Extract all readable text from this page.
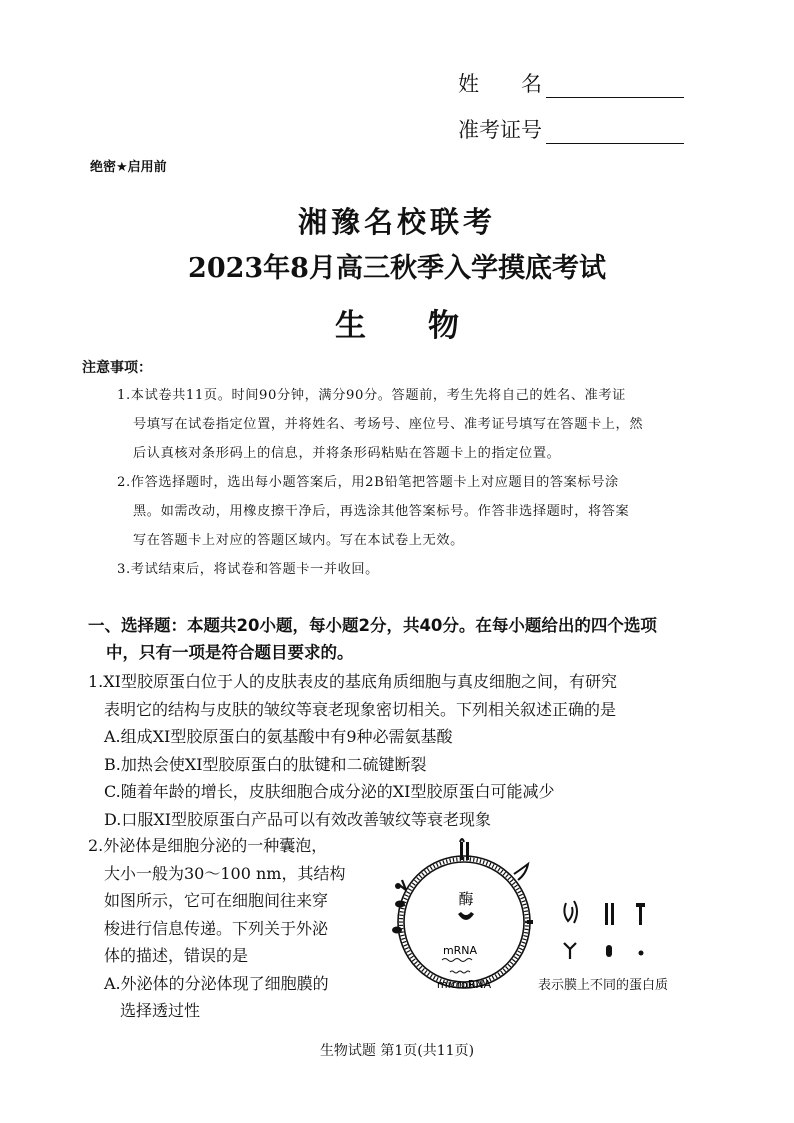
姓　　名
准考证号
绝密★启用前
湘豫名校联考
2023年8月高三秋季入学摸底考试
生　　物
注意事项：

1.本试卷共11页。时间90分钟，满分90分。答题前，考生先将自己的姓名、准考证

号填写在试卷指定位置，并将姓名、考场号、座位号、准考证号填写在答题卡上，然

后认真核对条形码上的信息，并将条形码粘贴在答题卡上的指定位置。

2.作答选择题时，选出每小题答案后，用2B铅笔把答题卡上对应题目的答案标号涂

黑。如需改动，用橡皮擦干净后，再选涂其他答案标号。作答非选择题时，将答案

写在答题卡上对应的答题区域内。写在本试卷上无效。

3.考试结束后，将试卷和答题卡一并收回。

一、选择题：本题共20小题，每小题2分，共40分。在每小题给出的四个选项

中，只有一项是符合题目要求的。

1.XI型胶原蛋白位于人的皮肤表皮的基底角质细胞与真皮细胞之间，有研究

表明它的结构与皮肤的皱纹等衰老现象密切相关。下列相关叙述正确的是

A.组成XI型胶原蛋白的氨基酸中有9种必需氨基酸

B.加热会使XI型胶原蛋白的肽键和二硫键断裂

C.随着年龄的增长，皮肤细胞合成分泌的XI型胶原蛋白可能减少

D.口服XI型胶原蛋白产品可以有效改善皱纹等衰老现象

2.外泌体是细胞分泌的一种囊泡，

大小一般为30～100 nm，其结构

如图所示，它可在细胞间往来穿

梭进行信息传递。下列关于外泌

体的描述，错误的是

A.外泌体的分泌体现了细胞膜的

选择透过性

酶
mRNA
microRNA	表示膜上不同的蛋白质
生物试题 第1页(共11页)
